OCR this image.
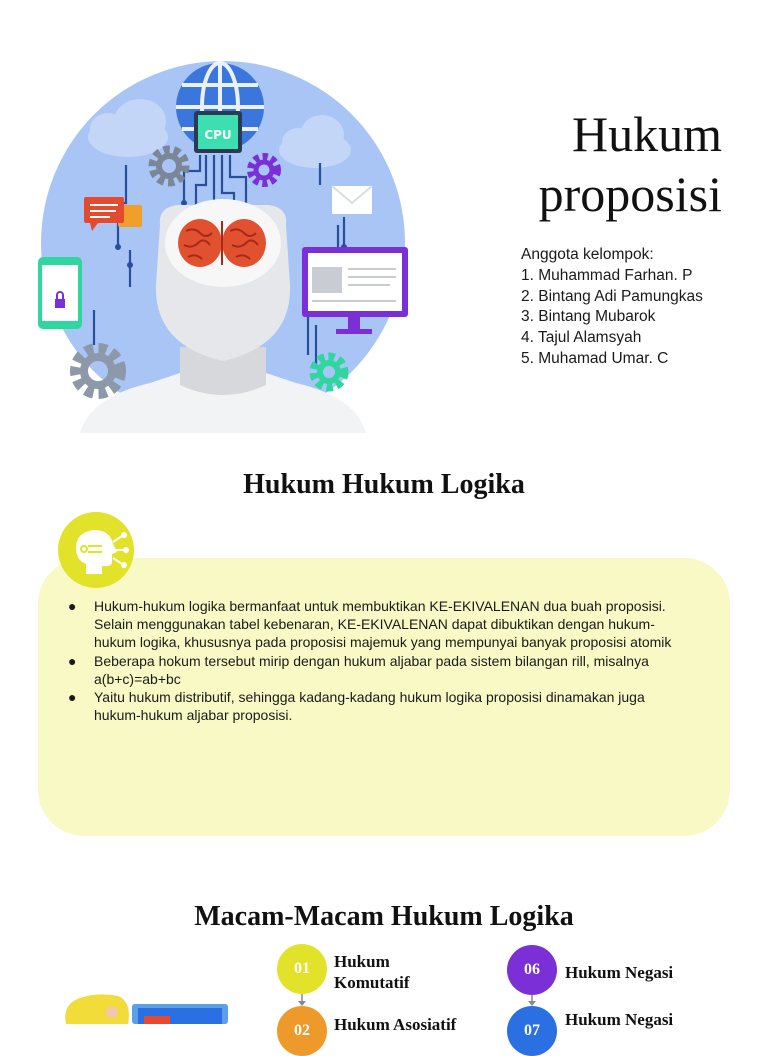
CPU	Hukum
proposisi
Anggota kelompok:
1. Muhammad Farhan. P
2. Bintang Adi Pamungkas
3. Bintang Mubarok
4. Tajul Alamsyah
5. Muhamad Umar. C
Hukum Hukum Logika
● Hukum-hukum logika bermanfaat untuk membuktikan KE-EKIVALENAN dua buah proposisi. Selain menggunakan tabel kebenaran, KE-EKIVALENAN dapat dibuktikan dengan hukum-hukum logika, khususnya pada proposisi majemuk yang mempunyai banyak proposisi atomik
● Beberapa hokum tersebut mirip dengan hukum aljabar pada sistem bilangan rill, misalnya a(b+c)=ab+bc
● Yaitu hukum distributif, sehingga kadang-kadang hukum logika proposisi dinamakan juga hukum-hukum aljabar proposisi.
Macam-Macam Hukum Logika
01	Hukum
Komutatif
06	Hukum Negasi
02	Hukum Asosiatif	07
Hukum Negasi
